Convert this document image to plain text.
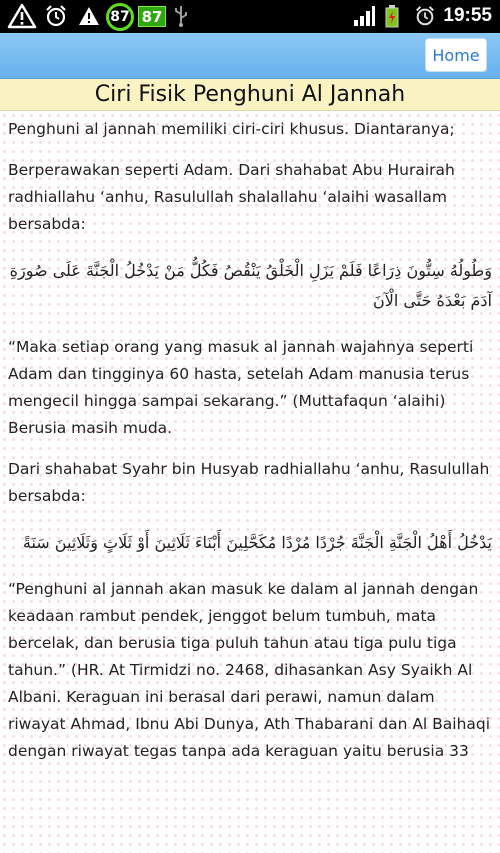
87 87	19:55
Home
Ciri Fisik Penghuni Al Jannah

Penghuni al jannah memiliki ciri-ciri khusus. Diantaranya;

Berperawakan seperti Adam. Dari shahabat Abu Hurairah radhiallahu ‘anhu, Rasulullah shalallahu ‘alaihi wasallam bersabda:

وَطُولُهُ سِتُّونَ ذِرَاعًا فَلَمْ يَزَلِ الْخَلْقُ يَنْقُصُ فَكُلُّ مَنْ يَدْخُلُ الْجَنَّةَ عَلَى صُورَةِ آدَمَ بَعْدَهُ حَتَّى الْآنَ

“Maka setiap orang yang masuk al jannah wajahnya seperti Adam dan tingginya 60 hasta, setelah Adam manusia terus mengecil hingga sampai sekarang.” (Muttafaqun ‘alaihi) Berusia masih muda.

Dari shahabat Syahr bin Husyab radhiallahu ‘anhu, Rasulullah bersabda:

يَدْخُلُ أَهْلُ الْجَنَّةِ الْجَنَّةَ جُرْدًا مُرْدًا مُكَحَّلِينَ أَبْنَاءَ ثَلَاثِينَ أَوْ ثَلَاثٍ وَثَلَاثِينَ سَنَةً

“Penghuni al jannah akan masuk ke dalam al jannah dengan keadaan rambut pendek, jenggot belum tumbuh, mata bercelak, dan berusia tiga puluh tahun atau tiga pulu tiga tahun.” (HR. At Tirmidzi no. 2468, dihasankan Asy Syaikh Al Albani. Keraguan ini berasal dari perawi, namun dalam riwayat Ahmad, Ibnu Abi Dunya, Ath Thabarani dan Al Baihaqi dengan riwayat tegas tanpa ada keraguan yaitu berusia 33
